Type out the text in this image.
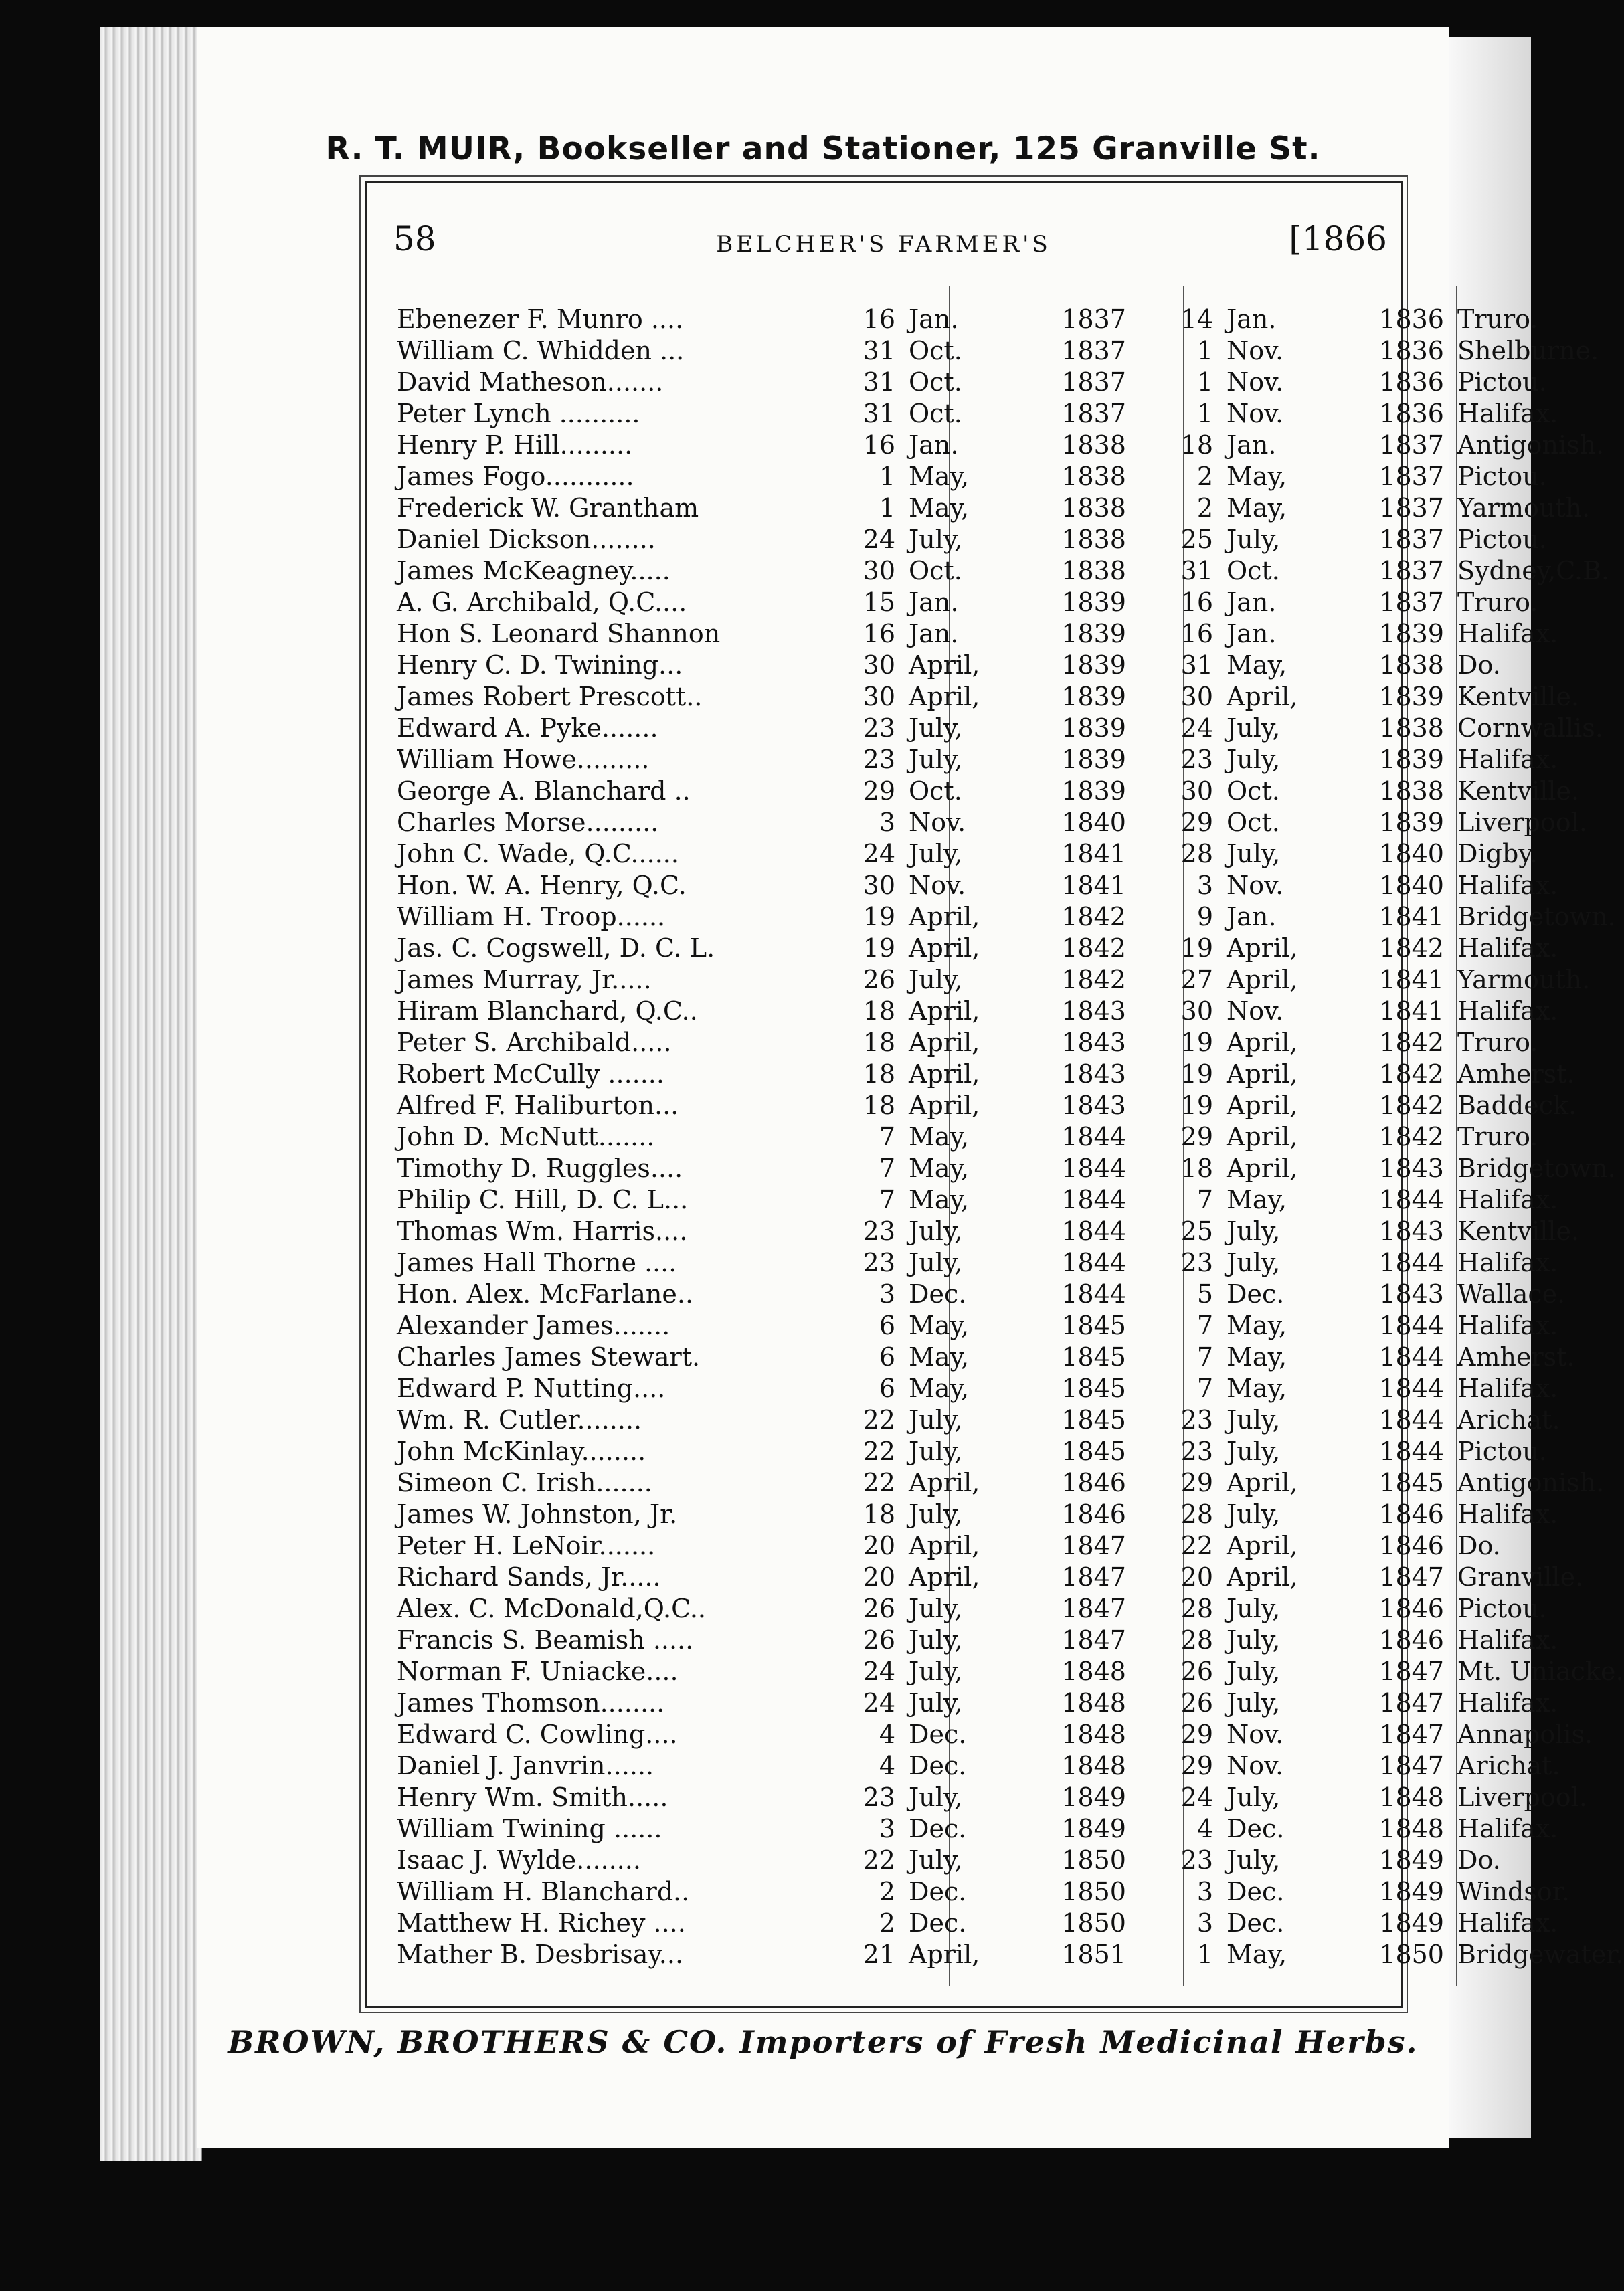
R. T. MUIR, Bookseller and Stationer, 125 Granville St.
58	BELCHER'S FARMER'S	[1866
Ebenezer F. Munro ....	16 Jan.	1837	14 Jan.	1836 Truro.
William C. Whidden ...	31 Oct.	1837	1 Nov.	1836 Shelburne.
David Matheson.......	31 Oct.	1837	1 Nov.	1836 Pictou.
Peter Lynch ..........	31 Oct.	1837	1 Nov.	1836 Halifax.
Henry P. Hill.........	16 Jan.	1838	18 Jan.	1837 Antigonish.
James Fogo...........	1 May,	1838	2 May,	1837 Pictou.
Frederick W. Grantham	1 May,	1838	2 May,	1837 Yarmouth.
Daniel Dickson........	24 July,	1838	25 July,	1837 Pictou.
James McKeagney.....	30 Oct.	1838	31 Oct.	1837 Sydney,C.B.
A. G. Archibald, Q.C....	15 Jan.	1839	16 Jan.	1837 Truro.
Hon S. Leonard Shannon	16 Jan.	1839	16 Jan.	1839 Halifax.
Henry C. D. Twining...	30 April,	1839	31 May,	1838 Do.
James Robert Prescott..	30 April,	1839	30 April,	1839 Kentville.
Edward A. Pyke.......	23 July,	1839	24 July,	1838 Cornwallis.
William Howe.........	23 July,	1839	23 July,	1839 Halifax.
George A. Blanchard ..	29 Oct.	1839	30 Oct.	1838 Kentville.
Charles Morse.........	3 Nov.	1840	29 Oct.	1839 Liverpool.
John C. Wade, Q.C......	24 July,	1841	28 July,	1840 Digby.
Hon. W. A. Henry, Q.C.	30 Nov.	1841	3 Nov.	1840 Halifax.
William H. Troop......	19 April,	1842	9 Jan.	1841 Bridgetown.
Jas. C. Cogswell, D. C. L.	19 April,	1842	19 April,	1842 Halifax.
James Murray, Jr.....	26 July,	1842	27 April,	1841 Yarmouth.
Hiram Blanchard, Q.C..	18 April,	1843	30 Nov.	1841 Halifax.
Peter S. Archibald.....	18 April,	1843	19 April,	1842 Truro.
Robert McCully .......	18 April,	1843	19 April,	1842 Amherst.
Alfred F. Haliburton...	18 April,	1843	19 April,	1842 Baddeck.
John D. McNutt.......	7 May,	1844	29 April,	1842 Truro.
Timothy D. Ruggles....	7 May,	1844	18 April,	1843 Bridgetown.
Philip C. Hill, D. C. L...	7 May,	1844	7 May,	1844 Halifax.
Thomas Wm. Harris....	23 July,	1844	25 July,	1843 Kentville.
James Hall Thorne ....	23 July,	1844	23 July,	1844 Halifax.
Hon. Alex. McFarlane..	3 Dec.	1844	5 Dec.	1843 Wallace.
Alexander James.......	6 May,	1845	7 May,	1844 Halifax.
Charles James Stewart.	6 May,	1845	7 May,	1844 Amherst.
Edward P. Nutting....	6 May,	1845	7 May,	1844 Halifax.
Wm. R. Cutler........	22 July,	1845	23 July,	1844 Arichat.
John McKinlay........	22 July,	1845	23 July,	1844 Pictou.
Simeon C. Irish.......	22 April,	1846	29 April,	1845 Antigonish.
James W. Johnston, Jr.	18 July,	1846	28 July,	1846 Halifax.
Peter H. LeNoir.......	20 April,	1847	22 April,	1846 Do.
Richard Sands, Jr.....	20 April,	1847	20 April,	1847 Granville.
Alex. C. McDonald,Q.C..	26 July,	1847	28 July,	1846 Pictou.
Francis S. Beamish .....	26 July,	1847	28 July,	1846 Halifax.
Norman F. Uniacke....	24 July,	1848	26 July,	1847 Mt. Uniacke.
James Thomson........	24 July,	1848	26 July,	1847 Halifax.
Edward C. Cowling....	4 Dec.	1848	29 Nov.	1847 Annapolis.
Daniel J. Janvrin......	4 Dec.	1848	29 Nov.	1847 Arichat.
Henry Wm. Smith.....	23 July,	1849	24 July,	1848 Liverpool.
William Twining ......	3 Dec.	1849	4 Dec.	1848 Halifax.
Isaac J. Wylde........	22 July,	1850	23 July,	1849 Do.
William H. Blanchard..	2 Dec.	1850	3 Dec.	1849 Windsor.
Matthew H. Richey ....	2 Dec.	1850	3 Dec.	1849 Halifax.
Mather B. Desbrisay...	21 April,	1851	1 May,	1850 Bridgewater.
BROWN, BROTHERS & CO. Importers of Fresh Medicinal Herbs.
